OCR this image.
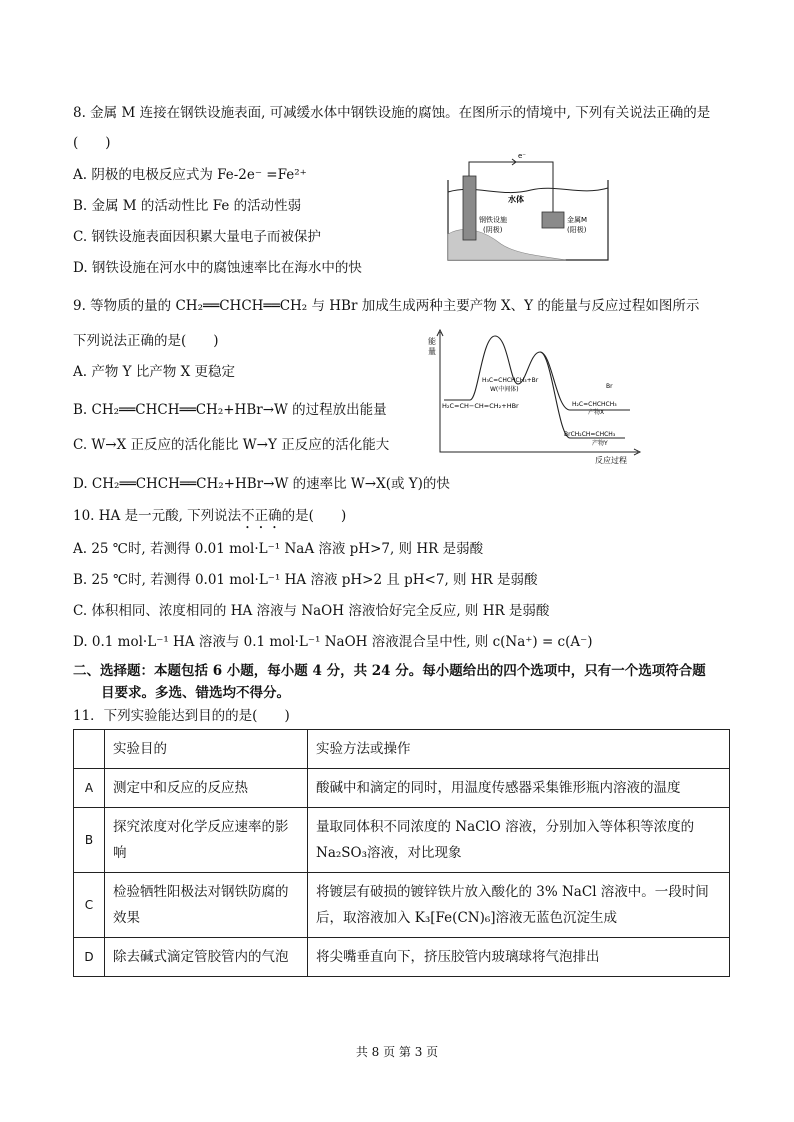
8. 金属 M 连接在钢铁设施表面, 可减缓水体中钢铁设施的腐蚀。在图所示的情境中, 下列有关说法正确的是
(　　)
A. 阴极的电极反应式为 Fe-2e⁻ =Fe²⁺
B. 金属 M 的活动性比 Fe 的活动性弱
C. 钢铁设施表面因积累大量电子而被保护
D. 钢铁设施在河水中的腐蚀速率比在海水中的快
e⁻
水体
钢铁设施
(阴极)
金属M
(阳极)
9. 等物质的量的 CH₂══CHCH══CH₂ 与 HBr 加成生成两种主要产物 X、Y 的能量与反应过程如图所示
下列说法正确的是(　　)
A. 产物 Y 比产物 X 更稳定
B. CH₂══CHCH══CH₂+HBr→W 的过程放出能量
C. W→X 正反应的活化能比 W→Y 正反应的活化能大
D. CH₂══CHCH══CH₂+HBr→W 的速率比 W→X(或 Y)的快
能
量
反应过程
H₂C=CH−CH=CH₂+HBr
H₃C=CHCHCH₃+Br
W(中间体)	Br
H₂C=CHCHCH₃
产物X
BrCH₂CH=CHCH₃
产物Y
10. HA 是一元酸, 下列说法不正确的是(　　)
A. 25 ℃时, 若测得 0.01 mol·L⁻¹ NaA 溶液 pH>7, 则 HR 是弱酸
B. 25 ℃时, 若测得 0.01 mol·L⁻¹ HA 溶液 pH>2 且 pH<7, 则 HR 是弱酸
C. 体积相同、浓度相同的 HA 溶液与 NaOH 溶液恰好完全反应, 则 HR 是弱酸
D. 0.1 mol·L⁻¹ HA 溶液与 0.1 mol·L⁻¹ NaOH 溶液混合呈中性, 则 c(Na⁺) = c(A⁻)
二、选择题：本题包括 6 小题，每小题 4 分，共 24 分。每小题给出的四个选项中，只有一个选项符合题
目要求。多选、错选均不得分。
11．下列实验能达到目的的是(　　)
	实验目的	实验方法或操作
A	测定中和反应的反应热	酸碱中和滴定的同时，用温度传感器采集锥形瓶内溶液的温度
B	探究浓度对化学反应速率的影响	量取同体积不同浓度的 NaClO 溶液，分别加入等体积等浓度的 Na₂SO₃溶液，对比现象
C	检验牺牲阳极法对钢铁防腐的效果	将镀层有破损的镀锌铁片放入酸化的 3% NaCl 溶液中。一段时间后，取溶液加入 K₃[Fe(CN)₆]溶液无蓝色沉淀生成
D	除去碱式滴定管胶管内的气泡	将尖嘴垂直向下，挤压胶管内玻璃球将气泡排出
共 8 页 第 3 页
